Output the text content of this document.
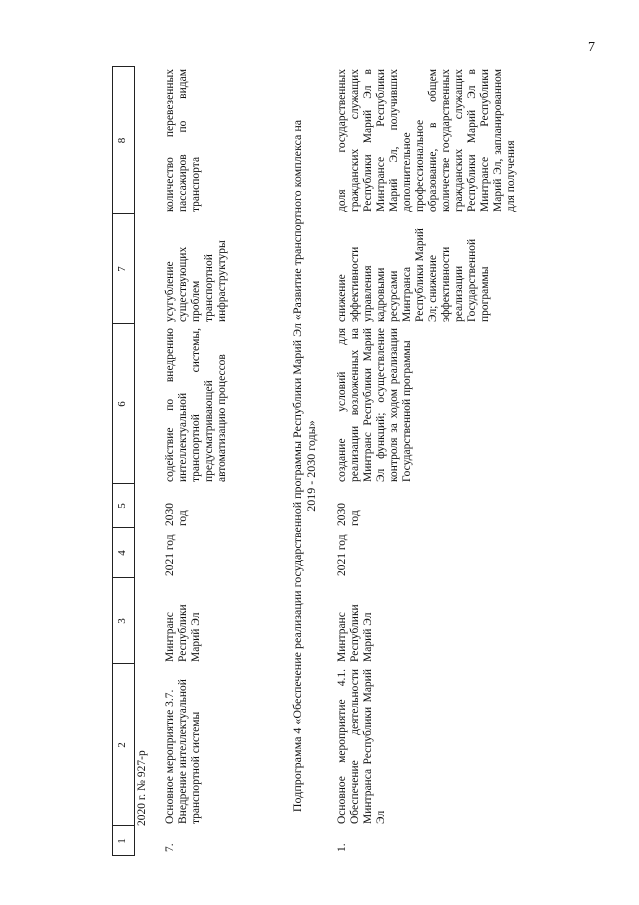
7
1
2
3
4
5
6
7
8
2020 г. № 927-р
7.
Основное мероприятие 3.7. Внедрение интеллектуальной транспортной системы
Минтранс Республики Марий Эл
2021 год
2030 год
содействие по внедрению интеллектуальной транспортной системы, предусматривающей автоматизацию процессов
усугубление существующих проблем транспортной инфраструктуры
количество перевезенных пассажиров по видам транспорта	Подпрограмма 4 «Обеспечение реализации государственной программы Республики Марий Эл «Развитие транспортного комплекса на 2019 - 2030 годы»
1.
Основное мероприятие 4.1. Обеспечение деятельности Минтранса Республики Марий Эл
Минтранс Республики Марий Эл
2021 год
2030 год
создание условий для реализации возложенных на Минтранс Республики Марий Эл функций; осуществление контроля за ходом реализации Государственной программы
снижение эффективности управления кадровыми ресурсами Минтранса Республики Марий Эл; снижение эффективности реализации Государственной программы
доля государственных гражданских служащих Республики Марий Эл в Минтрансе Республики Марий Эл, получивших дополнительное профессиональное образование, в общем количестве государственных гражданских служащих Республики Марий Эл в Минтрансе Республики Марий Эл, запланированном для получения
